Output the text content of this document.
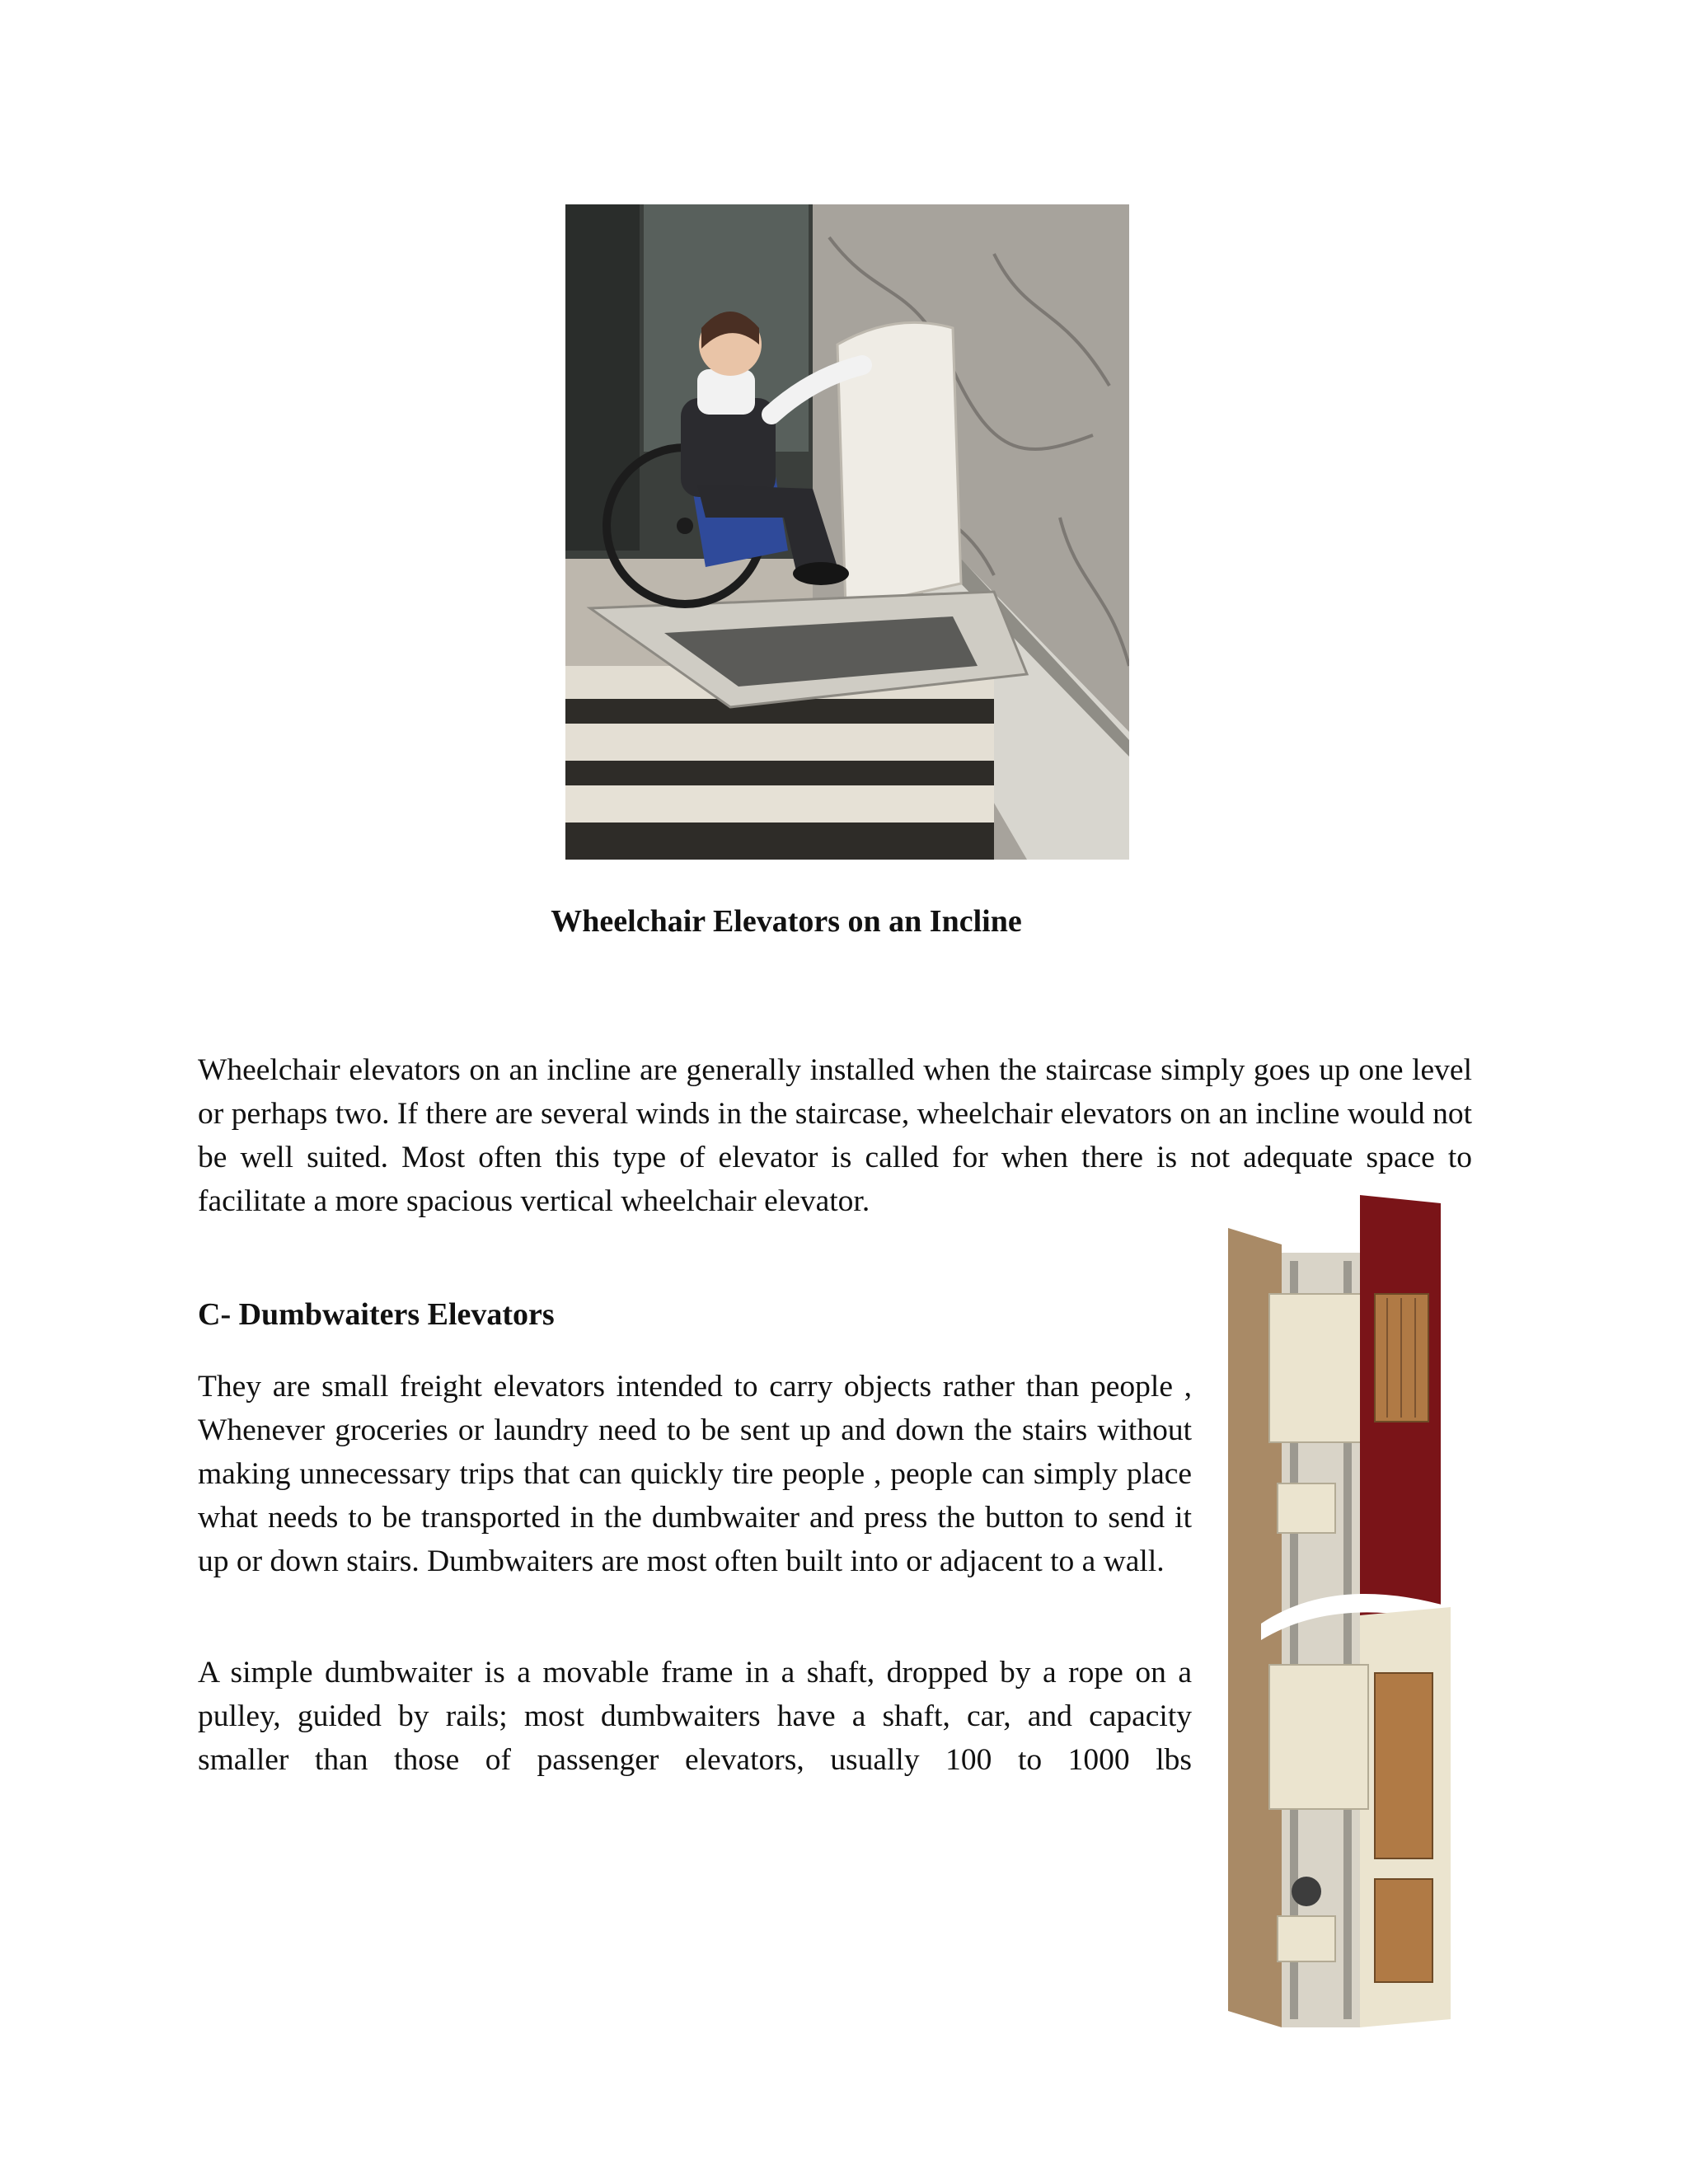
Wheelchair Elevators on an Incline

Wheelchair elevators on an incline are generally installed when the staircase simply goes up one level or perhaps two. If there are several winds in the staircase, wheelchair elevators on an incline would not be well suited. Most often this type of elevator is called for when there is not adequate space to facilitate a more spacious vertical wheelchair elevator.

C- Dumbwaiters Elevators

They are small freight elevators intended to carry objects rather than people , Whenever groceries or laundry need to be sent up and down the stairs without making unnecessary trips that can quickly tire people , people can simply place what needs to be transported in the dumbwaiter and press the button to send it up or down stairs. Dumbwaiters are most often built into or adjacent to a wall.

A simple dumbwaiter is a movable frame in a shaft, dropped by a rope on a pulley, guided by rails; most dumbwaiters have a shaft, car, and capacity smaller than those of passenger elevators, usually 100 to 1000 lbs
